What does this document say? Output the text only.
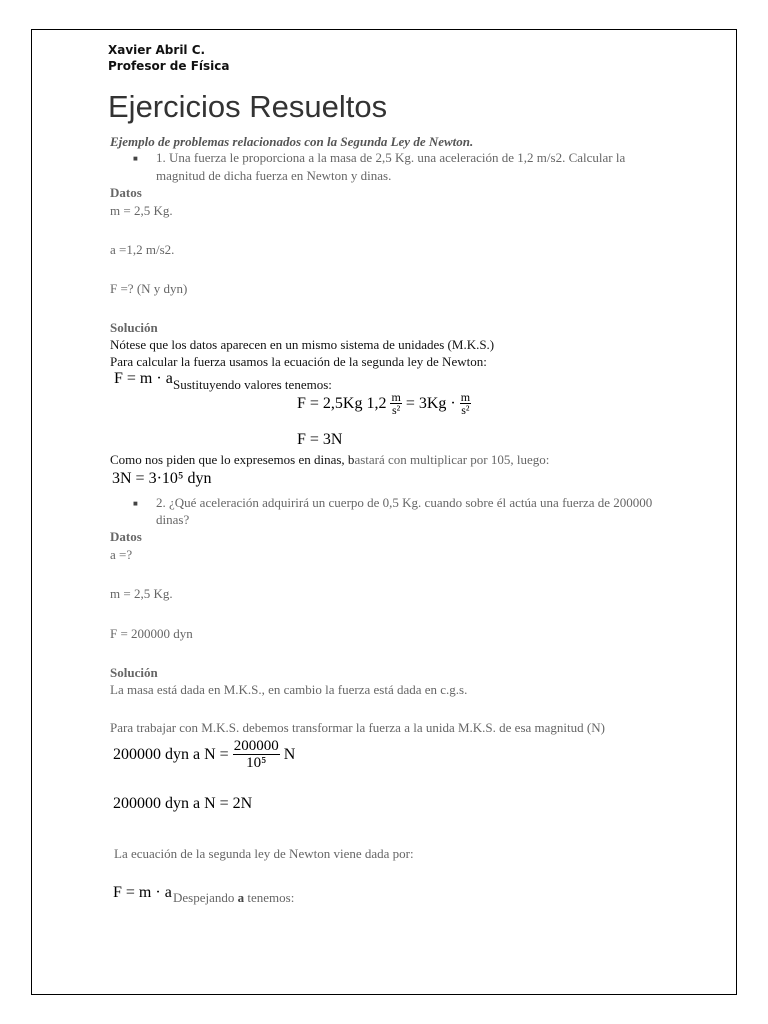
Xavier Abril C.
Profesor de Física
Ejercicios Resueltos
Ejemplo de problemas relacionados con la Segunda Ley de Newton.
■ 1. Una fuerza le proporciona a la masa de 2,5 Kg. una aceleración de 1,2 m/s2. Calcular la
magnitud de dicha fuerza en Newton y dinas.
Datos
m = 2,5 Kg.
a =1,2 m/s2.
F =? (N y dyn)
Solución
Nótese que los datos aparecen en un mismo sistema de unidades (M.K.S.)
Para calcular la fuerza usamos la ecuación de la segunda ley de Newton:
F = m · a Sustituyendo valores tenemos:
F = 2,5Kg $1,2 \frac{m}{\text{s²}} = 3Kg \cdot \frac{m}{\text{s²}}$
F = 3N
Como nos piden que lo expresemos en dinas, bastará con multiplicar por 105, luego:
3N = 3·10⁵ dyn
■ 2. ¿Qué aceleración adquirirá un cuerpo de 0,5 Kg. cuando sobre él actúa una fuerza de 200000
dinas?
Datos
a =?
m = 2,5 Kg.
F = 200000 dyn
Solución
La masa está dada en M.K.S., en cambio la fuerza está dada en c.g.s.
Para trabajar con M.K.S. debemos transformar la fuerza a la unida M.K.S. de esa magnitud (N)
200000 dyn a $N = \frac{200000}{\text{10⁵}}$ N
200000 dyn a N = 2N
La ecuación de la segunda ley de Newton viene dada por:
F = m · a Despejando a tenemos:
